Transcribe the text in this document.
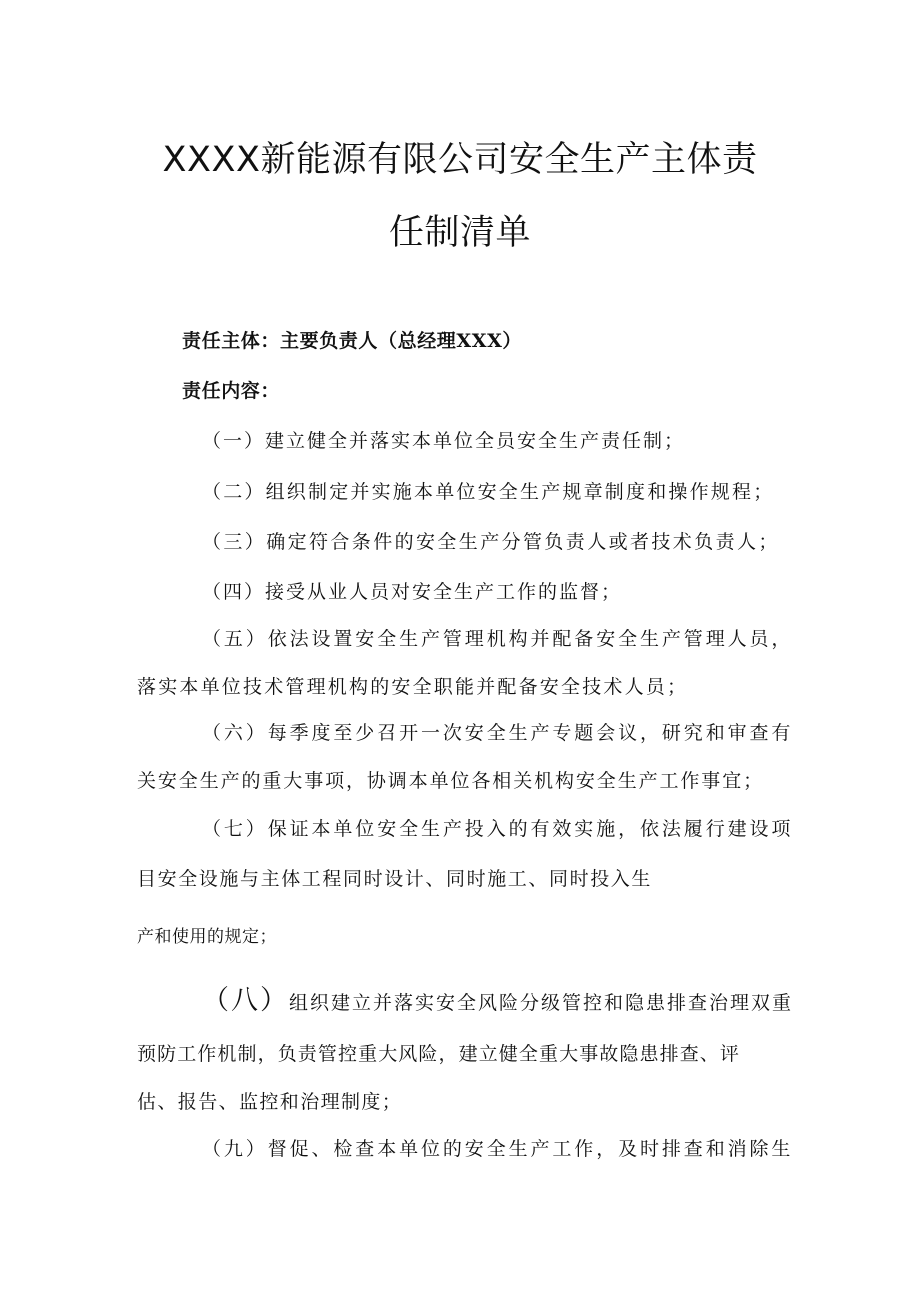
XXXX新能源有限公司安全生产主体责
任制清单
责任主体：主要负责人（总经理XXX）
责任内容：
（一）建立健全并落实本单位全员安全生产责任制；
（二）组织制定并实施本单位安全生产规章制度和操作规程；
（三）确定符合条件的安全生产分管负责人或者技术负责人；
（四）接受从业人员对安全生产工作的监督；
（五）依法设置安全生产管理机构并配备安全生产管理人员，
落实本单位技术管理机构的安全职能并配备安全技术人员；
（六）每季度至少召开一次安全生产专题会议，研究和审查有
关安全生产的重大事项，协调本单位各相关机构安全生产工作事宜；
（七）保证本单位安全生产投入的有效实施，依法履行建设项
目安全设施与主体工程同时设计、同时施工、同时投入生
产和使用的规定；
（八）组织建立并落实安全风险分级管控和隐患排查治理双重
预防工作机制，负责管控重大风险，建立健全重大事故隐患排查、评
估、报告、监控和治理制度；
（九）督促、检查本单位的安全生产工作，及时排查和消除生
